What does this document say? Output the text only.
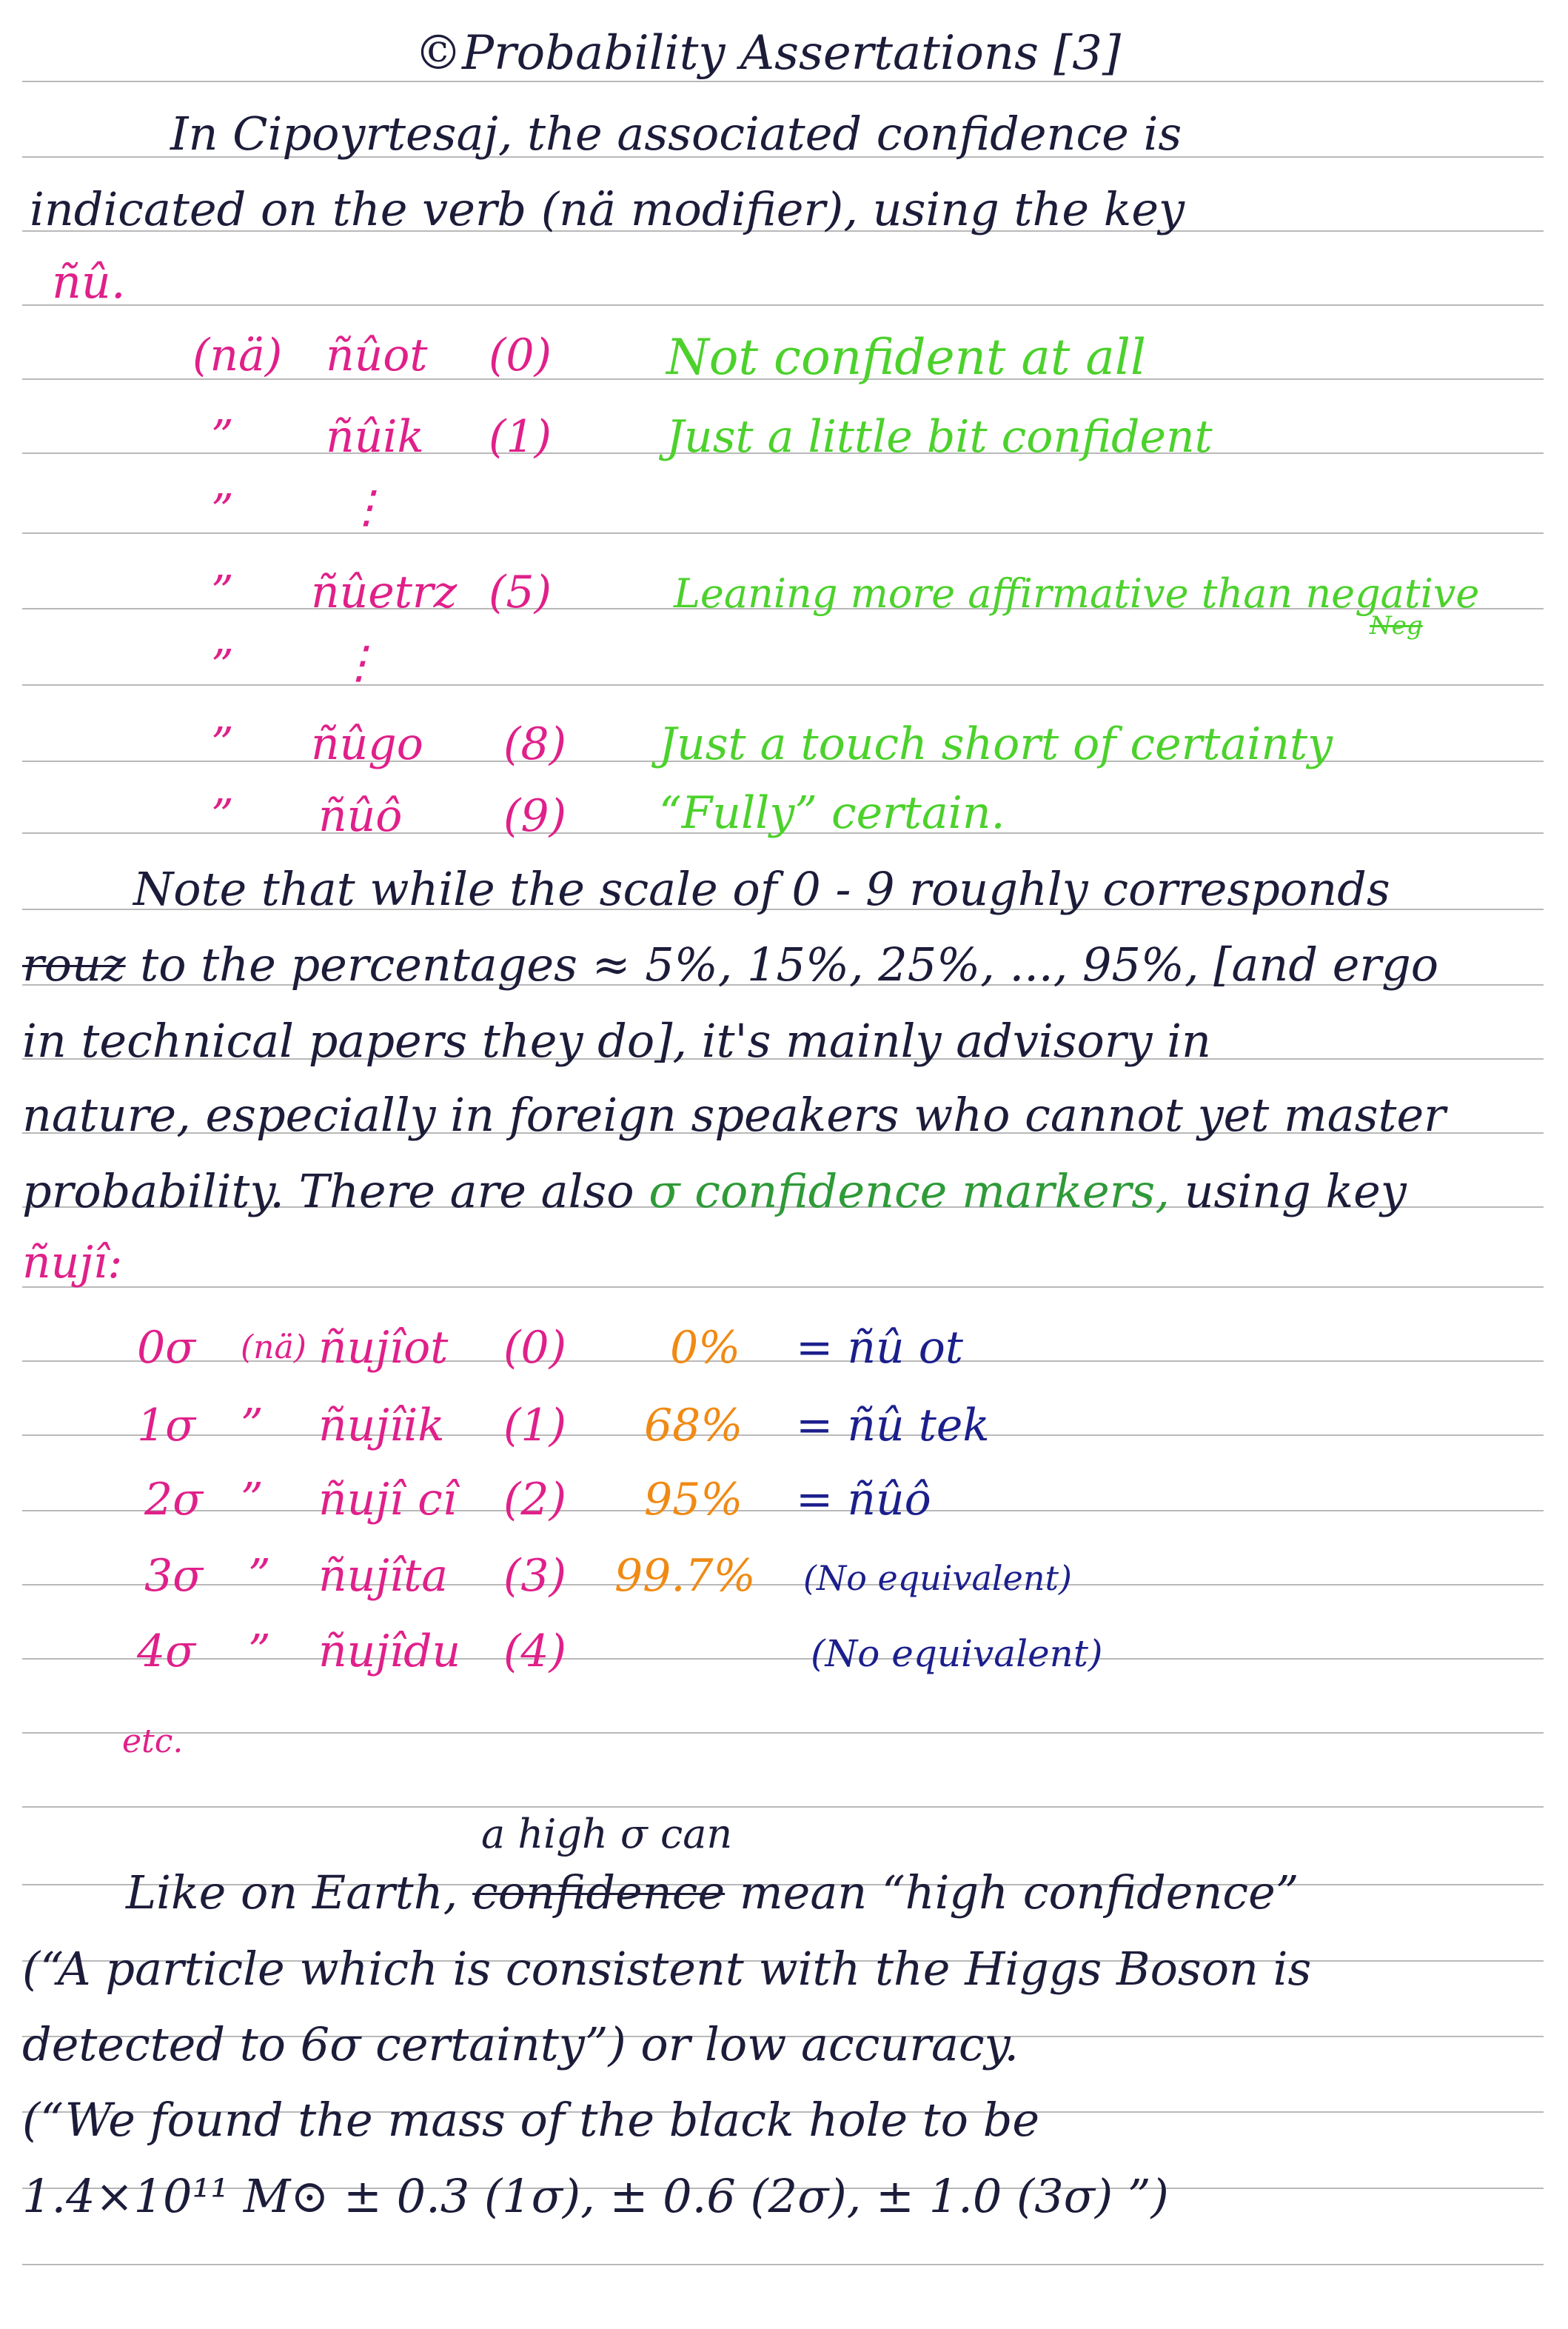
©Probability Assertations [3]
In Cipoyrtesaj, the associated confidence is
indicated on the verb (nä modifier), using the key
ñû.
(nä) ñûot (0) Not confident at all
” ñûik (1)	Just a little bit confident
” ⋮
” ñûetrz (5)	Leaning more affirmative than negative
Neg
” ⋮
” ñûgo (8) Just a touch short of certainty
” ñûô (9) “Fully” certain.
Note that while the scale of 0 - 9 roughly corresponds
rouz to the percentages ≈ 5%, 15%, 25%, ..., 95%, [and ergo
in technical papers they do], it's mainly advisory in
nature, especially in foreign speakers who cannot yet master
probability. There are also σ confidence markers, using key
ñujî:
0σ (nä) ñujîot (0) 0% = ñû ot
1σ ” ñujîik (1) 68% = ñû tek
2σ ” ñujî cî (2) 95% = ñûô
3σ ” ñujîta (3) 99.7% (No equivalent)
4σ ” ñujîdu (4)	(No equivalent)
etc.
a high σ can
Like on Earth, confidence mean “high confidence”
(“A particle which is consistent with the Higgs Boson is
detected to 6σ certainty”) or low accuracy.
(“We found the mass of the black hole to be
1.4×10¹¹ M⊙ ± 0.3 (1σ), ± 0.6 (2σ), ± 1.0 (3σ) ”)
